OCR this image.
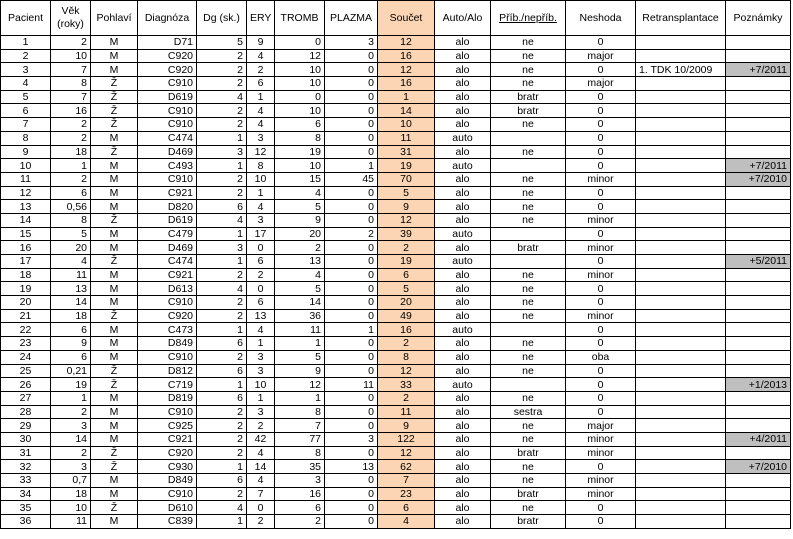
Pacient	Věk (roky)	Pohlaví	Diagnóza	Dg (sk.)	ERY	TROMB	PLAZMA	Součet	Auto/Alo	Příb./nepříb.	Neshoda	Retransplantace	Poznámky
1	2	M	D71	5	9	0	3	12	alo	ne	0		
2	10	M	C920	2	4	12	0	16	alo	ne	major		
3	7	M	C920	2	2	10	0	12	alo	ne	0	1. TDK 10/2009	+7/2011
4	8	Ž	C910	2	6	10	0	16	alo	ne	major		
5	7	Ž	D619	4	1	0	0	1	alo	bratr	0		
6	16	Ž	C910	2	4	10	0	14	alo	bratr	0		
7	2	Ž	C910	2	4	6	0	10	alo	ne	0		
8	2	M	C474	1	3	8	0	11	auto		0		
9	18	Ž	D469	3	12	19	0	31	alo	ne	0		
10	1	M	C493	1	8	10	1	19	auto		0		+7/2011
11	2	M	C910	2	10	15	45	70	alo	ne	minor		+7/2010
12	6	M	C921	2	1	4	0	5	alo	ne	0		
13	0,56	M	D820	6	4	5	0	9	alo	ne	0		
14	8	Ž	D619	4	3	9	0	12	alo	ne	minor		
15	5	M	C479	1	17	20	2	39	auto		0		
16	20	M	D469	3	0	2	0	2	alo	bratr	minor		
17	4	Ž	C474	1	6	13	0	19	auto		0		+5/2011
18	11	M	C921	2	2	4	0	6	alo	ne	minor		
19	13	M	D613	4	0	5	0	5	alo	ne	0		
20	14	M	C910	2	6	14	0	20	alo	ne	0		
21	18	Ž	C920	2	13	36	0	49	alo	ne	minor		
22	6	M	C473	1	4	11	1	16	auto		0		
23	9	M	D849	6	1	1	0	2	alo	ne	0		
24	6	M	C910	2	3	5	0	8	alo	ne	oba		
25	0,21	Ž	D812	6	3	9	0	12	alo	ne	0		
26	19	Ž	C719	1	10	12	11	33	auto		0		+1/2013
27	1	M	D819	6	1	1	0	2	alo	ne	0		
28	2	M	C910	2	3	8	0	11	alo	sestra	0		
29	3	M	C925	2	2	7	0	9	alo	ne	major		
30	14	M	C921	2	42	77	3	122	alo	ne	minor		+4/2011
31	2	Ž	C920	2	4	8	0	12	alo	bratr	minor		
32	3	Ž	C930	1	14	35	13	62	alo	ne	0		+7/2010
33	0,7	M	D849	6	4	3	0	7	alo	ne	minor		
34	18	M	C910	2	7	16	0	23	alo	bratr	minor		
35	10	Ž	D610	4	0	6	0	6	alo	ne	0		
36	11	M	C839	1	2	2	0	4	alo	bratr	0		
